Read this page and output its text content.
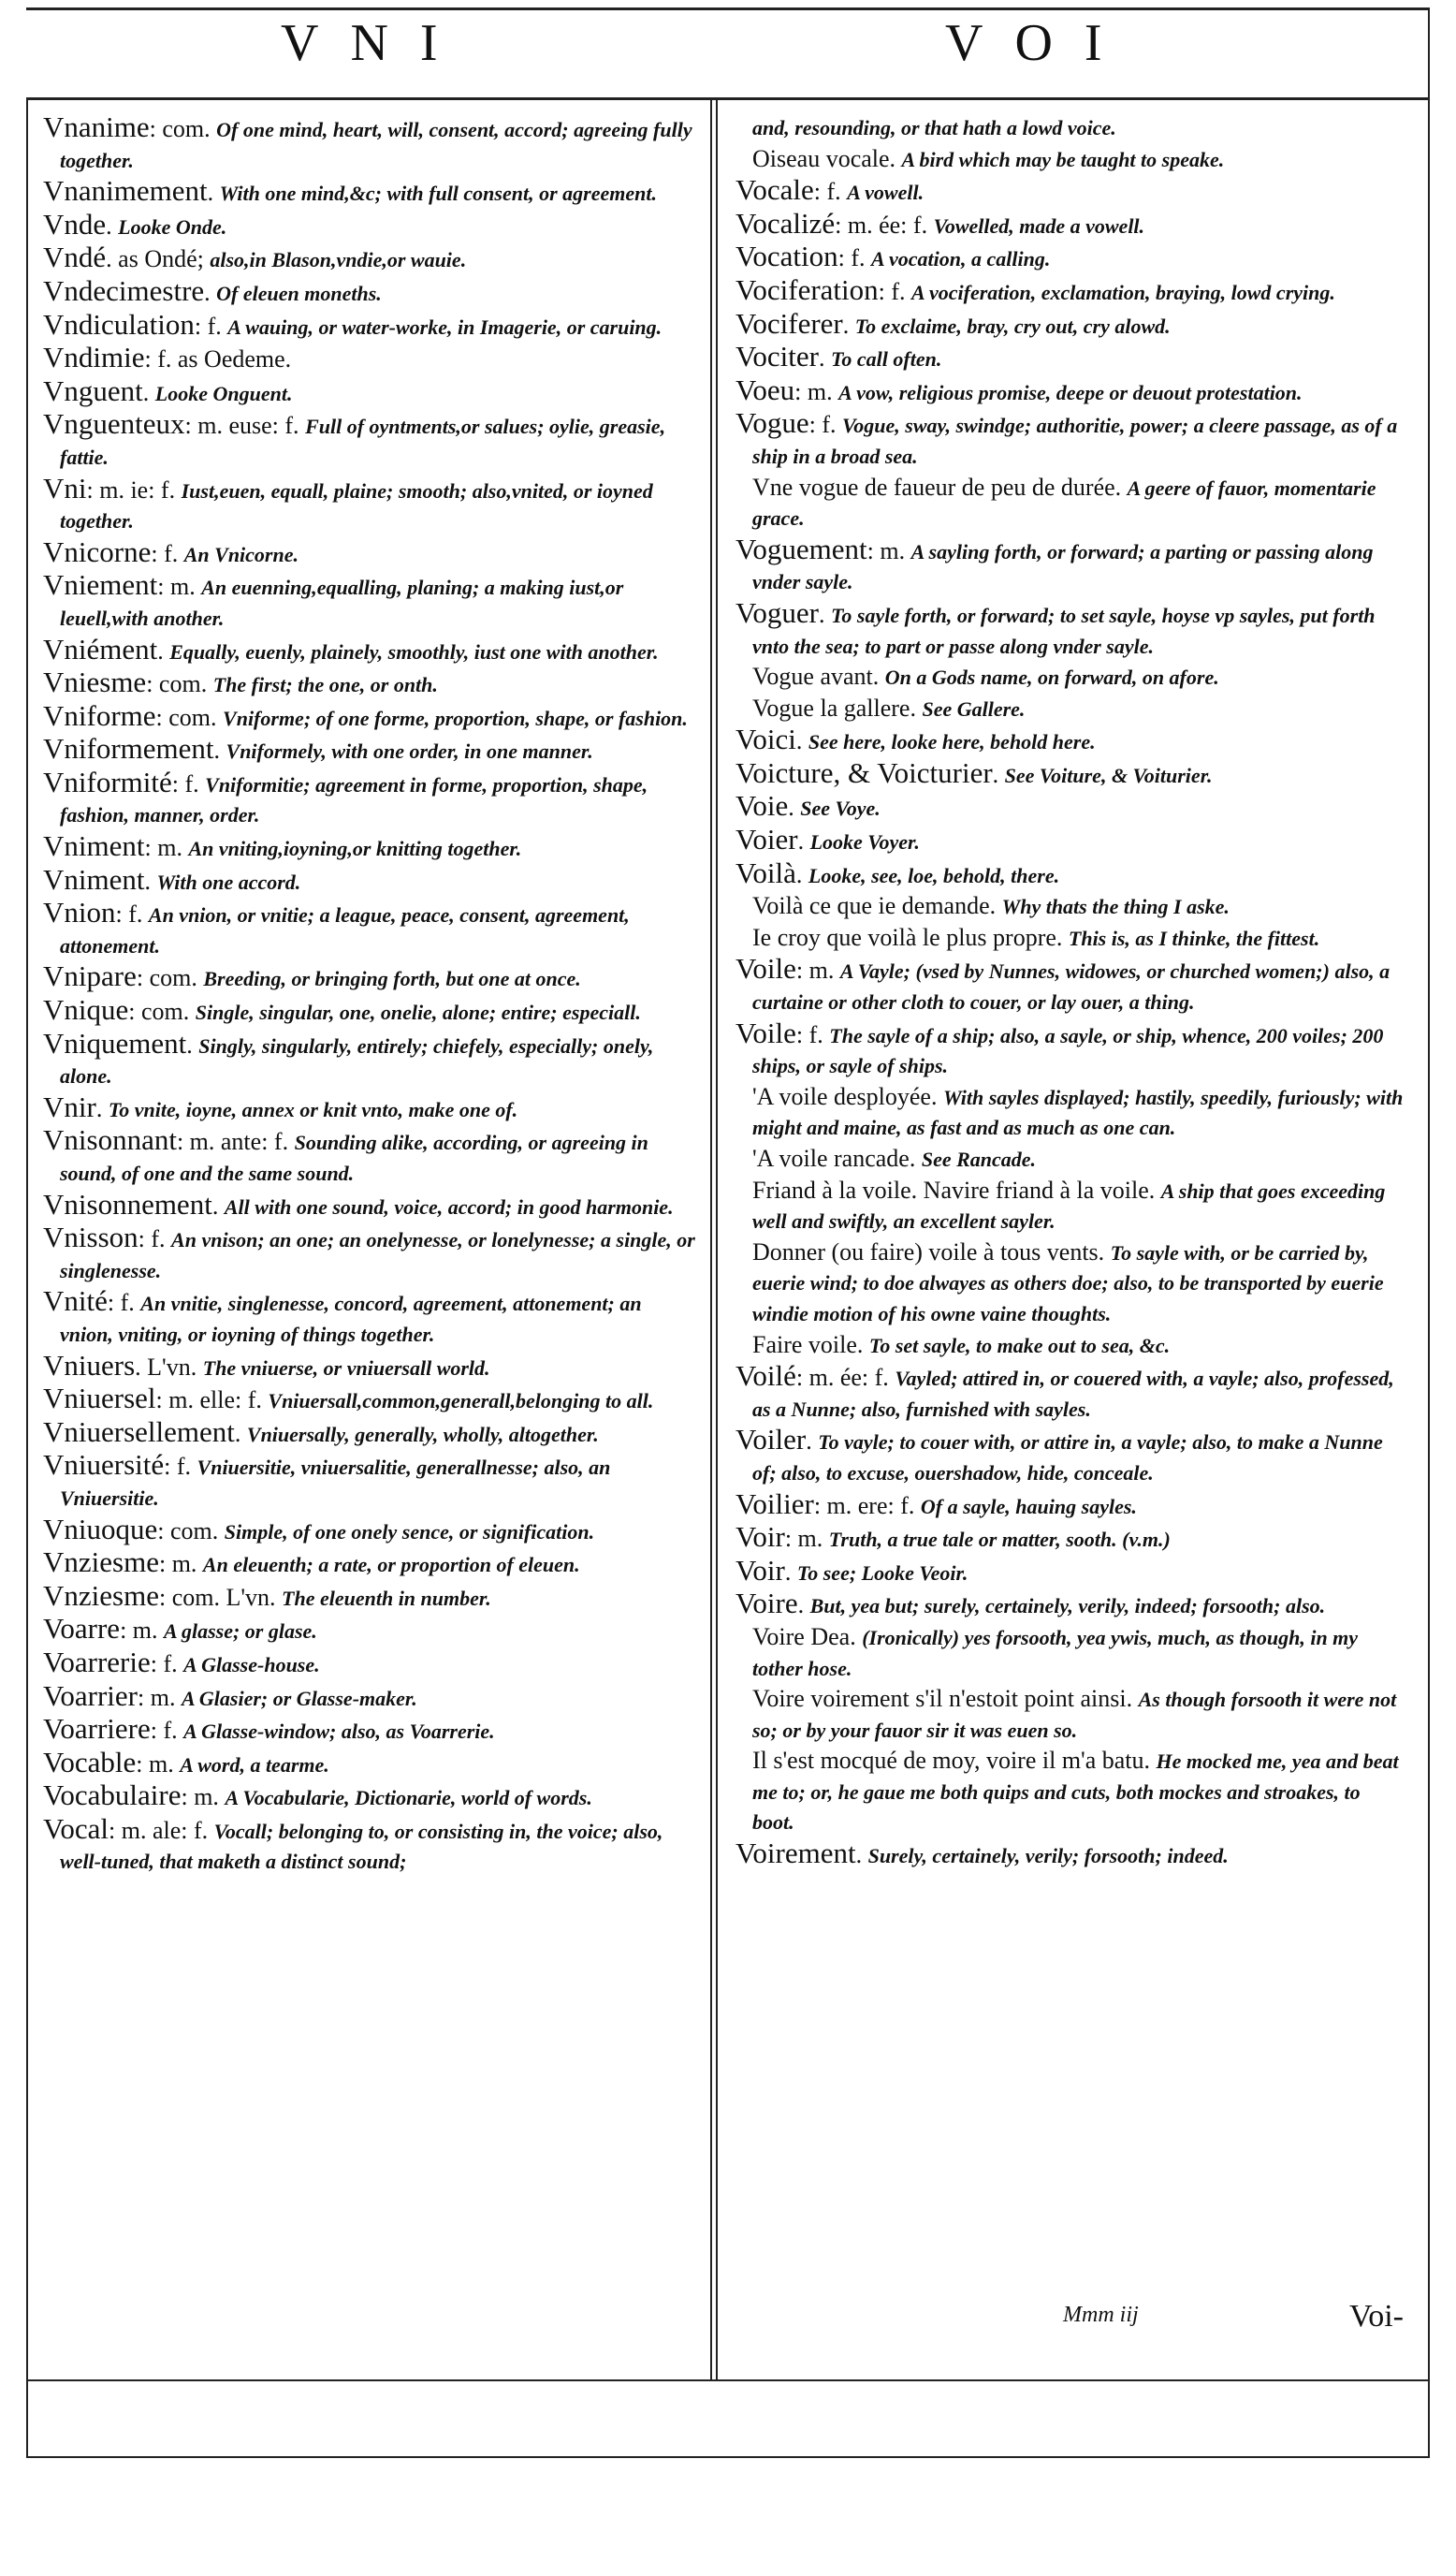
VNI	VOI

Vnanime: com. Of one mind, heart, will, consent, accord; agreeing fully together.

Vnanimement. With one mind,&c; with full consent, or agreement.

Vnde. Looke Onde.

Vndé. as Ondé; also,in Blason,vndie,or wauie.

Vndecimestre. Of eleuen moneths.

Vndiculation: f. A wauing, or water-worke, in Imagerie, or caruing.

Vndimie: f. as Oedeme.

Vnguent. Looke Onguent.

Vnguenteux: m. euse: f. Full of oyntments,or salues; oylie, greasie, fattie.

Vni: m. ie: f. Iust,euen, equall, plaine; smooth; also,vnited, or ioyned together.

Vnicorne: f. An Vnicorne.

Vniement: m. An euenning,equalling, planing; a making iust,or leuell,with another.

Vniément. Equally, euenly, plainely, smoothly, iust one with another.

Vniesme: com. The first; the one, or onth.

Vniforme: com. Vniforme; of one forme, proportion, shape, or fashion.

Vniformement. Vniformely, with one order, in one manner.

Vniformité: f. Vniformitie; agreement in forme, proportion, shape, fashion, manner, order.

Vniment: m. An vniting,ioyning,or knitting together.

Vniment. With one accord.

Vnion: f. An vnion, or vnitie; a league, peace, consent, agreement, attonement.

Vnipare: com. Breeding, or bringing forth, but one at once.

Vnique: com. Single, singular, one, onelie, alone; entire; especiall.

Vniquement. Singly, singularly, entirely; chiefely, especially; onely, alone.

Vnir. To vnite, ioyne, annex or knit vnto, make one of.

Vnisonnant: m. ante: f. Sounding alike, according, or agreeing in sound, of one and the same sound.

Vnisonnement. All with one sound, voice, accord; in good harmonie.

Vnisson: f. An vnison; an one; an onelynesse, or lonelynesse; a single, or singlenesse.

Vnité: f. An vnitie, singlenesse, concord, agreement, attonement; an vnion, vniting, or ioyning of things together.

Vniuers. L'vn. The vniuerse, or vniuersall world.

Vniuersel: m. elle: f. Vniuersall,common,generall,belonging to all.

Vniuersellement. Vniuersally, generally, wholly, altogether.

Vniuersité: f. Vniuersitie, vniuersalitie, generallnesse; also, an Vniuersitie.

Vniuoque: com. Simple, of one onely sence, or signification.

Vnziesme: m. An eleuenth; a rate, or proportion of eleuen.

Vnziesme: com. L'vn. The eleuenth in number.

Voarre: m. A glasse; or glase.

Voarrerie: f. A Glasse-house.

Voarrier: m. A Glasier; or Glasse-maker.

Voarriere: f. A Glasse-window; also, as Voarrerie.

Vocable: m. A word, a tearme.

Vocabulaire: m. A Vocabularie, Dictionarie, world of words.

Vocal: m. ale: f. Vocall; belonging to, or consisting in, the voice; also, well-tuned, that maketh a distinct sound;

and, resounding, or that hath a lowd voice.

Oiseau vocale. A bird which may be taught to speake.

Vocale: f. A vowell.

Vocalizé: m. ée: f. Vowelled, made a vowell.

Vocation: f. A vocation, a calling.

Vociferation: f. A vociferation, exclamation, braying, lowd crying.

Vociferer. To exclaime, bray, cry out, cry alowd.

Vociter. To call often.

Voeu: m. A vow, religious promise, deepe or deuout protestation.

Vogue: f. Vogue, sway, swindge; authoritie, power; a cleere passage, as of a ship in a broad sea.

Vne vogue de faueur de peu de durée. A geere of fauor, momentarie grace.

Voguement: m. A sayling forth, or forward; a parting or passing along vnder sayle.

Voguer. To sayle forth, or forward; to set sayle, hoyse vp sayles, put forth vnto the sea; to part or passe along vnder sayle.

Vogue avant. On a Gods name, on forward, on afore.

Vogue la gallere. See Gallere.

Voici. See here, looke here, behold here.

Voicture, & Voicturier. See Voiture, & Voiturier.

Voie. See Voye.

Voier. Looke Voyer.

Voilà. Looke, see, loe, behold, there.

Voilà ce que ie demande. Why thats the thing I aske.

Ie croy que voilà le plus propre. This is, as I thinke, the fittest.

Voile: m. A Vayle; (vsed by Nunnes, widowes, or churched women;) also, a curtaine or other cloth to couer, or lay ouer, a thing.

Voile: f. The sayle of a ship; also, a sayle, or ship, whence, 200 voiles; 200 ships, or sayle of ships.

'A voile desployée. With sayles displayed; hastily, speedily, furiously; with might and maine, as fast and as much as one can.

'A voile rancade. See Rancade.

Friand à la voile. Navire friand à la voile. A ship that goes exceeding well and swiftly, an excellent sayler.

Donner (ou faire) voile à tous vents. To sayle with, or be carried by, euerie wind; to doe alwayes as others doe; also, to be transported by euerie windie motion of his owne vaine thoughts.

Faire voile. To set sayle, to make out to sea, &c.

Voilé: m. ée: f. Vayled; attired in, or couered with, a vayle; also, professed, as a Nunne; also, furnished with sayles.

Voiler. To vayle; to couer with, or attire in, a vayle; also, to make a Nunne of; also, to excuse, ouershadow, hide, conceale.

Voilier: m. ere: f. Of a sayle, hauing sayles.

Voir: m. Truth, a true tale or matter, sooth. (v.m.)

Voir. To see; Looke Veoir.

Voire. But, yea but; surely, certainely, verily, indeed; forsooth; also.

Voire Dea. (Ironically) yes forsooth, yea ywis, much, as though, in my tother hose.

Voire voirement s'il n'estoit point ainsi. As though forsooth it were not so; or by your fauor sir it was euen so.

Il s'est mocqué de moy, voire il m'a batu. He mocked me, yea and beat me to; or, he gaue me both quips and cuts, both mockes and stroakes, to boot.

Voirement. Surely, certainely, verily; forsooth; indeed.

Mmm iij	Voi-
